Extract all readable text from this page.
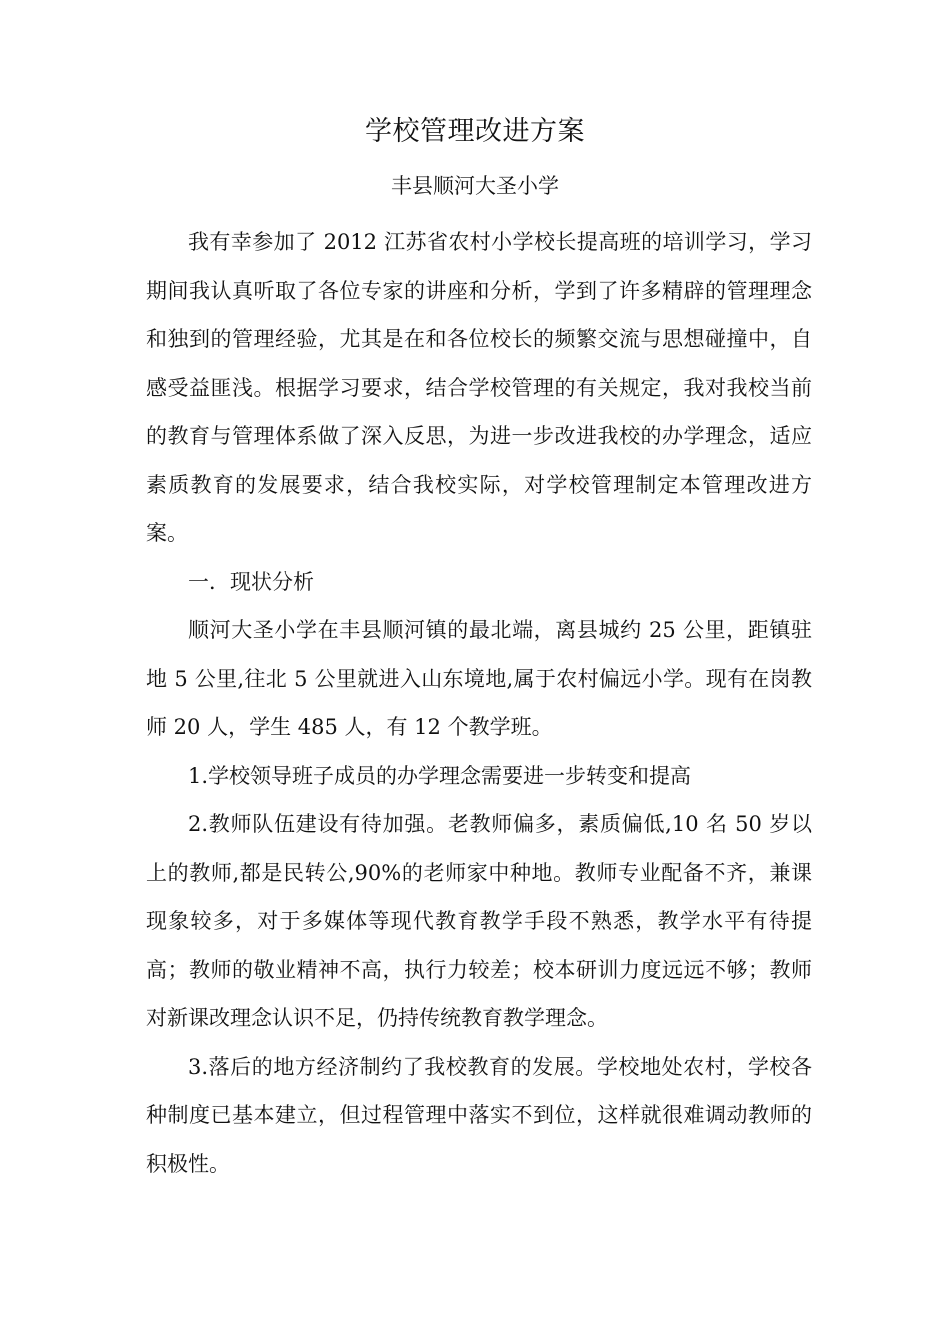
学校管理改进方案
丰县顺河大圣小学

我有幸参加了 2012 江苏省农村小学校长提高班的培训学习，学习期间我认真听取了各位专家的讲座和分析，学到了许多精辟的管理理念和独到的管理经验，尤其是在和各位校长的频繁交流与思想碰撞中，自感受益匪浅。根据学习要求，结合学校管理的有关规定，我对我校当前的教育与管理体系做了深入反思，为进一步改进我校的办学理念，适应素质教育的发展要求，结合我校实际，对学校管理制定本管理改进方案。

一．现状分析

顺河大圣小学在丰县顺河镇的最北端，离县城约 25 公里，距镇驻地 5 公里,往北 5 公里就进入山东境地,属于农村偏远小学。现有在岗教师 20 人，学生 485 人，有 12 个教学班。

1.学校领导班子成员的办学理念需要进一步转变和提高

2.教师队伍建设有待加强。老教师偏多，素质偏低,10 名 50 岁以上的教师,都是民转公,90%的老师家中种地。教师专业配备不齐，兼课现象较多，对于多媒体等现代教育教学手段不熟悉，教学水平有待提高；教师的敬业精神不高，执行力较差；校本研训力度远远不够；教师对新课改理念认识不足，仍持传统教育教学理念。

3.落后的地方经济制约了我校教育的发展。学校地处农村，学校各种制度已基本建立，但过程管理中落实不到位，这样就很难调动教师的积极性。
